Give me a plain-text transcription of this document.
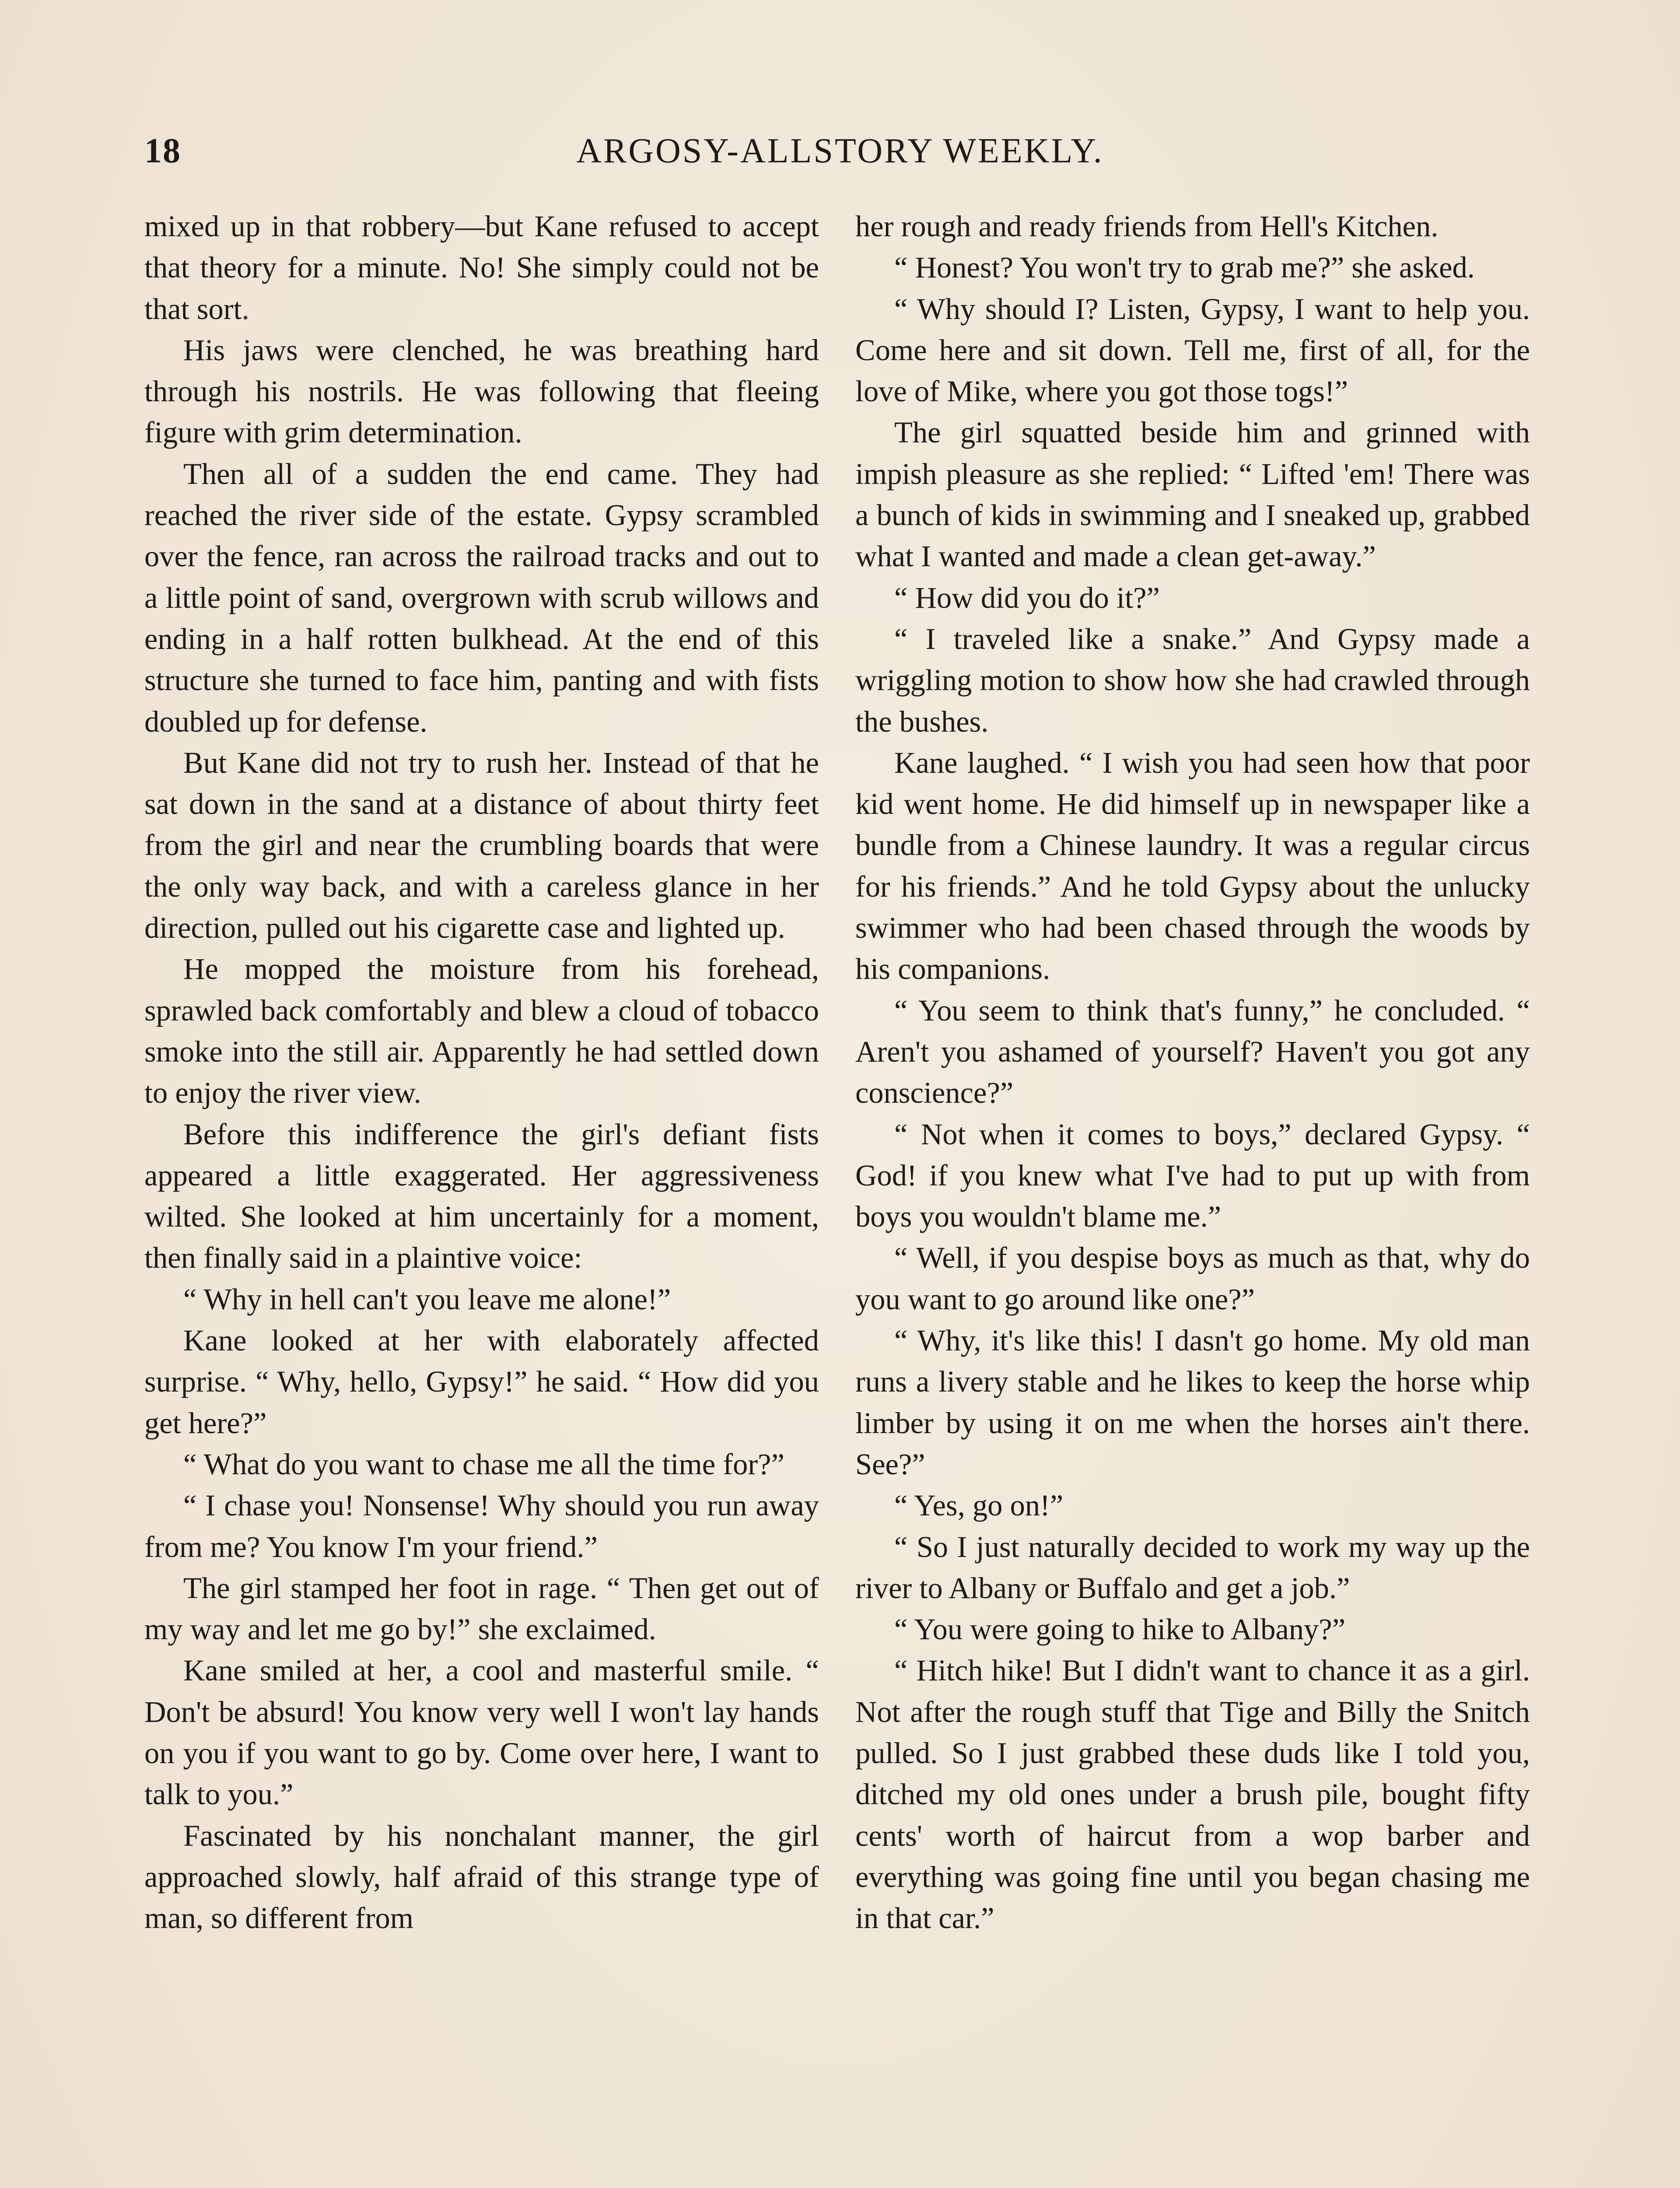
18	ARGOSY-ALLSTORY WEEKLY.

mixed up in that robbery—but Kane refused to accept that theory for a minute. No! She simply could not be that sort.

His jaws were clenched, he was breathing hard through his nostrils. He was following that fleeing figure with grim determination.

Then all of a sudden the end came. They had reached the river side of the estate. Gypsy scrambled over the fence, ran across the railroad tracks and out to a little point of sand, overgrown with scrub willows and ending in a half rotten bulkhead. At the end of this structure she turned to face him, panting and with fists doubled up for defense.

But Kane did not try to rush her. Instead of that he sat down in the sand at a distance of about thirty feet from the girl and near the crumbling boards that were the only way back, and with a careless glance in her direction, pulled out his cigarette case and lighted up.

He mopped the moisture from his forehead, sprawled back comfortably and blew a cloud of tobacco smoke into the still air. Apparently he had settled down to enjoy the river view.

Before this indifference the girl's defiant fists appeared a little exaggerated. Her aggressiveness wilted. She looked at him uncertainly for a moment, then finally said in a plaintive voice:

“ Why in hell can't you leave me alone!”

Kane looked at her with elaborately affected surprise. “ Why, hello, Gypsy!” he said. “ How did you get here?”

“ What do you want to chase me all the time for?”

“ I chase you! Nonsense! Why should you run away from me? You know I'm your friend.”

The girl stamped her foot in rage. “ Then get out of my way and let me go by!” she exclaimed.

Kane smiled at her, a cool and masterful smile. “ Don't be absurd! You know very well I won't lay hands on you if you want to go by. Come over here, I want to talk to you.”

Fascinated by his nonchalant manner, the girl approached slowly, half afraid of this strange type of man, so different from

her rough and ready friends from Hell's Kitchen.

“ Honest? You won't try to grab me?” she asked.

“ Why should I? Listen, Gypsy, I want to help you. Come here and sit down. Tell me, first of all, for the love of Mike, where you got those togs!”

The girl squatted beside him and grinned with impish pleasure as she replied: “ Lifted 'em! There was a bunch of kids in swimming and I sneaked up, grabbed what I wanted and made a clean get-away.”

“ How did you do it?”

“ I traveled like a snake.” And Gypsy made a wriggling motion to show how she had crawled through the bushes.

Kane laughed. “ I wish you had seen how that poor kid went home. He did himself up in newspaper like a bundle from a Chinese laundry. It was a regular circus for his friends.” And he told Gypsy about the unlucky swimmer who had been chased through the woods by his companions.

“ You seem to think that's funny,” he concluded. “ Aren't you ashamed of yourself? Haven't you got any conscience?”

“ Not when it comes to boys,” declared Gypsy. “ God! if you knew what I've had to put up with from boys you wouldn't blame me.”

“ Well, if you despise boys as much as that, why do you want to go around like one?”

“ Why, it's like this! I dasn't go home. My old man runs a livery stable and he likes to keep the horse whip limber by using it on me when the horses ain't there. See?”

“ Yes, go on!”

“ So I just naturally decided to work my way up the river to Albany or Buffalo and get a job.”

“ You were going to hike to Albany?”

“ Hitch hike! But I didn't want to chance it as a girl. Not after the rough stuff that Tige and Billy the Snitch pulled. So I just grabbed these duds like I told you, ditched my old ones under a brush pile, bought fifty cents' worth of haircut from a wop barber and everything was going fine until you began chasing me in that car.”
